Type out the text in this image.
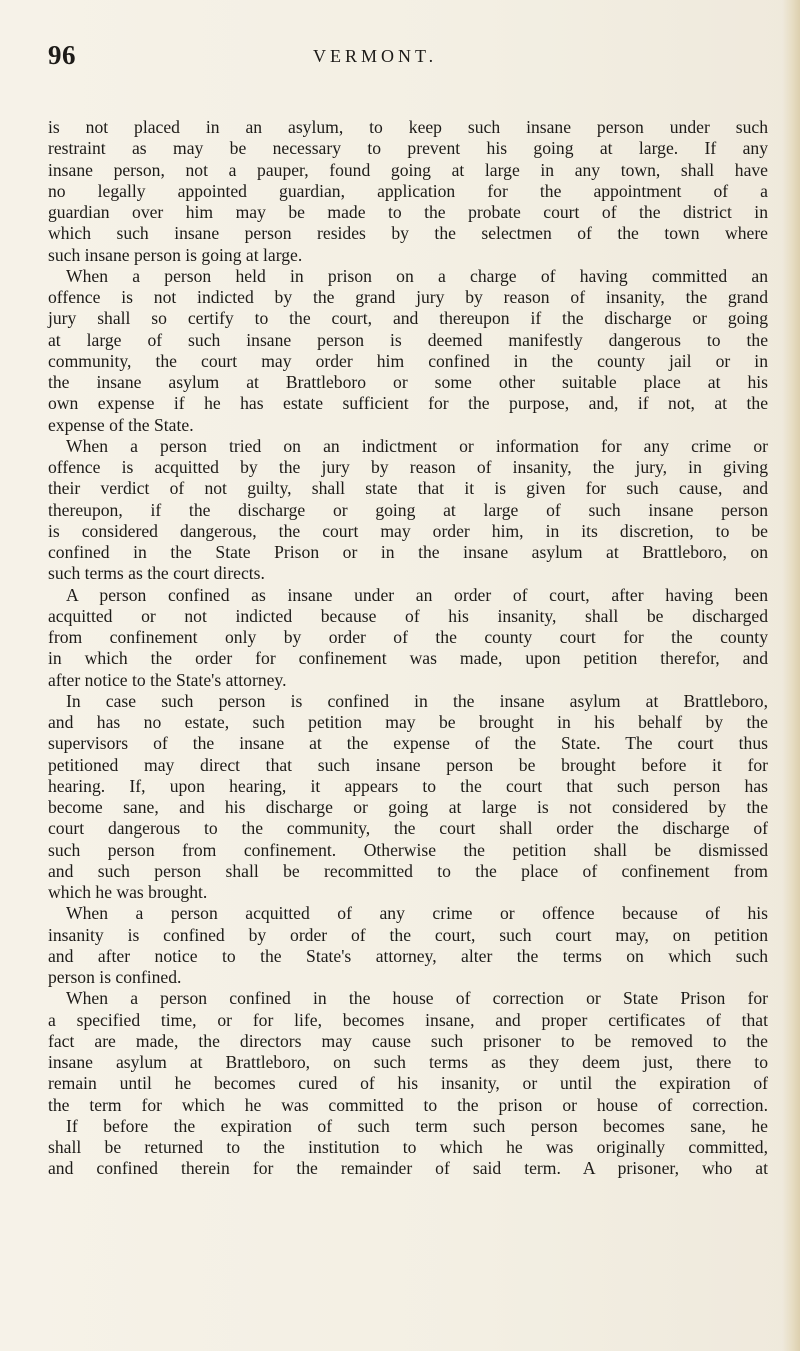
96	VERMONT.
is not placed in an asylum, to keep such insane person under such
restraint as may be necessary to prevent his going at large. If any
insane person, not a pauper, found going at large in any town, shall have
no legally appointed guardian, application for the appointment of a
guardian over him may be made to the probate court of the district in
which such insane person resides by the selectmen of the town where
such insane person is going at large.
When a person held in prison on a charge of having committed an
offence is not indicted by the grand jury by reason of insanity, the grand
jury shall so certify to the court, and thereupon if the discharge or going
at large of such insane person is deemed manifestly dangerous to the
community, the court may order him confined in the county jail or in
the insane asylum at Brattleboro or some other suitable place at his
own expense if he has estate sufficient for the purpose, and, if not, at the
expense of the State.
When a person tried on an indictment or information for any crime or
offence is acquitted by the jury by reason of insanity, the jury, in giving
their verdict of not guilty, shall state that it is given for such cause, and
thereupon, if the discharge or going at large of such insane person
is considered dangerous, the court may order him, in its discretion, to be
confined in the State Prison or in the insane asylum at Brattleboro, on
such terms as the court directs.
A person confined as insane under an order of court, after having been
acquitted or not indicted because of his insanity, shall be discharged
from confinement only by order of the county court for the county
in which the order for confinement was made, upon petition therefor, and
after notice to the State's attorney.
In case such person is confined in the insane asylum at Brattleboro,
and has no estate, such petition may be brought in his behalf by the
supervisors of the insane at the expense of the State. The court thus
petitioned may direct that such insane person be brought before it for
hearing. If, upon hearing, it appears to the court that such person has
become sane, and his discharge or going at large is not considered by the
court dangerous to the community, the court shall order the discharge of
such person from confinement. Otherwise the petition shall be dismissed
and such person shall be recommitted to the place of confinement from
which he was brought.
When a person acquitted of any crime or offence because of his
insanity is confined by order of the court, such court may, on petition
and after notice to the State's attorney, alter the terms on which such
person is confined.
When a person confined in the house of correction or State Prison for
a specified time, or for life, becomes insane, and proper certificates of that
fact are made, the directors may cause such prisoner to be removed to the
insane asylum at Brattleboro, on such terms as they deem just, there to
remain until he becomes cured of his insanity, or until the expiration of
the term for which he was committed to the prison or house of correction.
If before the expiration of such term such person becomes sane, he
shall be returned to the institution to which he was originally committed,
and confined therein for the remainder of said term. A prisoner, who at
